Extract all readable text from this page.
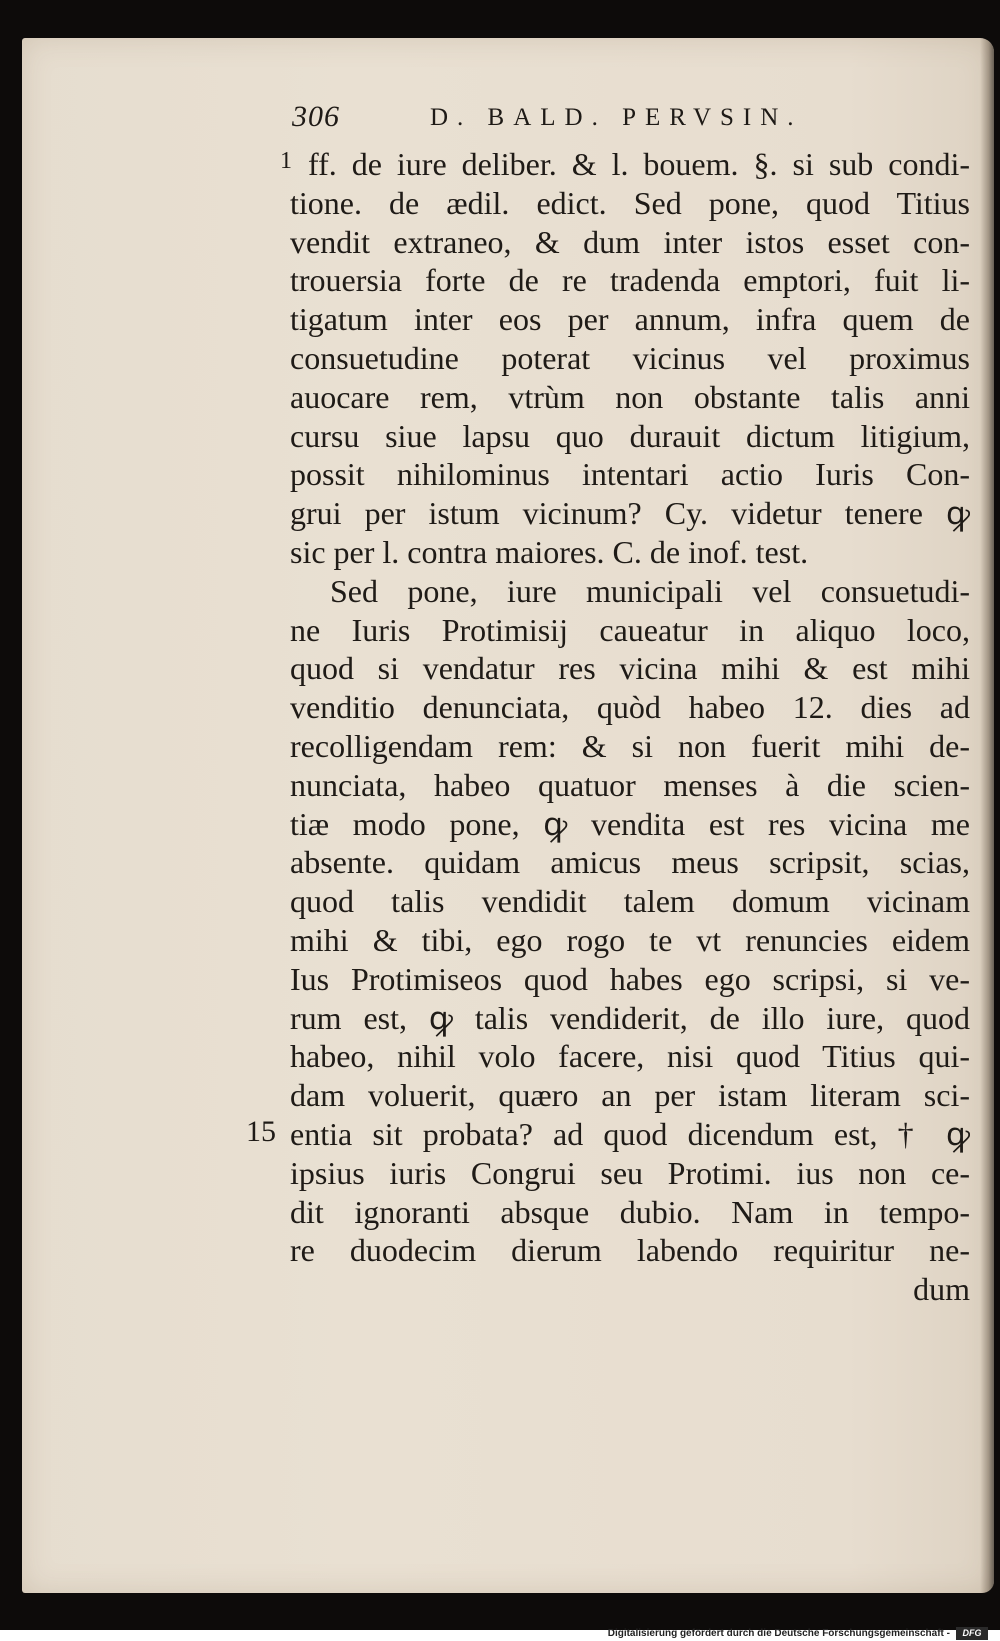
306	D. BALD. PERVSIN.
1
15
ff. de iure deliber. & l. bouem. §. si sub condi-
tione. de ædil. edict. Sed pone, quod Titius
vendit extraneo, & dum inter istos esset con-
trouersia forte de re tradenda emptori, fuit li-
tigatum inter eos per annum, infra quem de
consuetudine poterat vicinus vel proximus
auocare rem, vtrùm non obstante talis anni
cursu siue lapsu quo durauit dictum litigium,
possit nihilominus intentari actio Iuris Con-
grui per istum vicinum? Cy. videtur tenere ꝙ
sic per l. contra maiores. C. de inof. test.
Sed pone, iure municipali vel consuetudi-
ne Iuris Protimisij caueatur in aliquo loco,
quod si vendatur res vicina mihi & est mihi
venditio denunciata, quòd habeo 12. dies ad
recolligendam rem: & si non fuerit mihi de-
nunciata, habeo quatuor menses à die scien-
tiæ modo pone, ꝙ vendita est res vicina me
absente. quidam amicus meus scripsit, scias,
quod talis vendidit talem domum vicinam
mihi & tibi, ego rogo te vt renuncies eidem
Ius Protimiseos quod habes ego scripsi, si ve-
rum est, ꝙ talis vendiderit, de illo iure, quod
habeo, nihil volo facere, nisi quod Titius qui-
dam voluerit, quæro an per istam literam sci-
entia sit probata? ad quod dicendum est, † ꝙ
ipsius iuris Congrui seu Protimi. ius non ce-
dit ignoranti absque dubio. Nam in tempo-
re duodecim dierum labendo requiritur ne-
dum
Digitalisierung gefördert durch die Deutsche Forschungsgemeinschaft -	DFG
